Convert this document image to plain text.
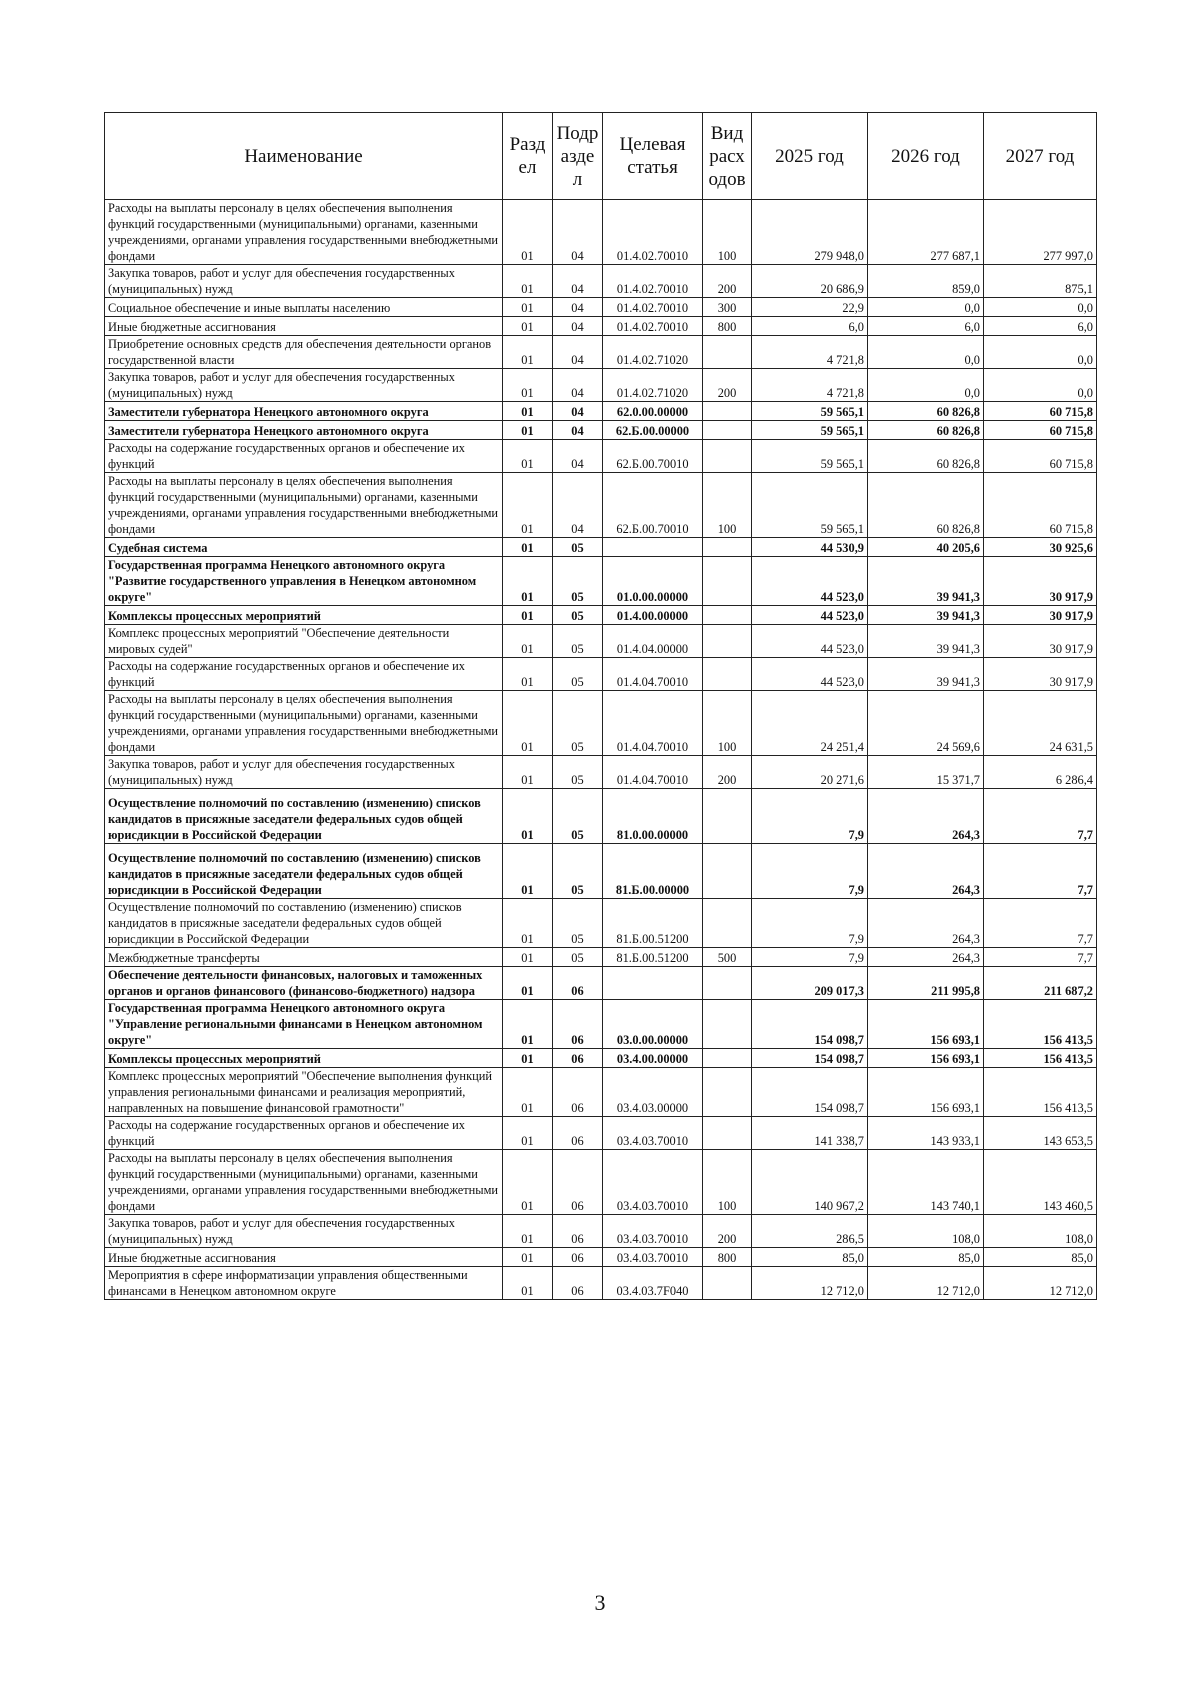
Наименование	Разд ел	Подр азде л	Целевая статья	Вид расх одов	2025 год	2026 год	2027 год
Расходы на выплаты персоналу в целях обеспечения выполнения функций государственными (муниципальными) органами, казенными учреждениями, органами управления государственными внебюджетными фондами	01	04	01.4.02.70010	100	279 948,0	277 687,1	277 997,0
Закупка товаров, работ и услуг для обеспечения государственных (муниципальных) нужд	01	04	01.4.02.70010	200	20 686,9	859,0	875,1
Социальное обеспечение и иные выплаты населению	01	04	01.4.02.70010	300	22,9	0,0	0,0
Иные бюджетные ассигнования	01	04	01.4.02.70010	800	6,0	6,0	6,0
Приобретение основных средств для обеспечения деятельности органов государственной власти	01	04	01.4.02.71020		4 721,8	0,0	0,0
Закупка товаров, работ и услуг для обеспечения государственных (муниципальных) нужд	01	04	01.4.02.71020	200	4 721,8	0,0	0,0
Заместители губернатора Ненецкого автономного округа	01	04	62.0.00.00000		59 565,1	60 826,8	60 715,8
Заместители губернатора Ненецкого автономного округа	01	04	62.Б.00.00000		59 565,1	60 826,8	60 715,8
Расходы на содержание государственных органов и обеспечение их функций	01	04	62.Б.00.70010		59 565,1	60 826,8	60 715,8
Расходы на выплаты персоналу в целях обеспечения выполнения функций государственными (муниципальными) органами, казенными учреждениями, органами управления государственными внебюджетными фондами	01	04	62.Б.00.70010	100	59 565,1	60 826,8	60 715,8
Судебная система	01	05			44 530,9	40 205,6	30 925,6
Государственная программа Ненецкого автономного округа "Развитие государственного управления в Ненецком автономном округе"	01	05	01.0.00.00000		44 523,0	39 941,3	30 917,9
Комплексы процессных мероприятий	01	05	01.4.00.00000		44 523,0	39 941,3	30 917,9
Комплекс процессных мероприятий "Обеспечение деятельности мировых судей"	01	05	01.4.04.00000		44 523,0	39 941,3	30 917,9
Расходы на содержание государственных органов и обеспечение их функций	01	05	01.4.04.70010		44 523,0	39 941,3	30 917,9
Расходы на выплаты персоналу в целях обеспечения выполнения функций государственными (муниципальными) органами, казенными учреждениями, органами управления государственными внебюджетными фондами	01	05	01.4.04.70010	100	24 251,4	24 569,6	24 631,5
Закупка товаров, работ и услуг для обеспечения государственных (муниципальных) нужд	01	05	01.4.04.70010	200	20 271,6	15 371,7	6 286,4
Осуществление полномочий по составлению (изменению) списков кандидатов в присяжные заседатели федеральных судов общей юрисдикции в Российской Федерации	01	05	81.0.00.00000		7,9	264,3	7,7
Осуществление полномочий по составлению (изменению) списков кандидатов в присяжные заседатели федеральных судов общей юрисдикции в Российской Федерации	01	05	81.Б.00.00000		7,9	264,3	7,7
Осуществление полномочий по составлению (изменению) списков кандидатов в присяжные заседатели федеральных судов общей юрисдикции в Российской Федерации	01	05	81.Б.00.51200		7,9	264,3	7,7
Межбюджетные трансферты	01	05	81.Б.00.51200	500	7,9	264,3	7,7
Обеспечение деятельности финансовых, налоговых и таможенных органов и органов финансового (финансово-бюджетного) надзора	01	06			209 017,3	211 995,8	211 687,2
Государственная программа Ненецкого автономного округа "Управление региональными финансами в Ненецком автономном округе"	01	06	03.0.00.00000		154 098,7	156 693,1	156 413,5
Комплексы процессных мероприятий	01	06	03.4.00.00000		154 098,7	156 693,1	156 413,5
Комплекс процессных мероприятий "Обеспечение выполнения функций управления региональными финансами и реализация мероприятий, направленных на повышение финансовой грамотности"	01	06	03.4.03.00000		154 098,7	156 693,1	156 413,5
Расходы на содержание государственных органов и обеспечение их функций	01	06	03.4.03.70010		141 338,7	143 933,1	143 653,5
Расходы на выплаты персоналу в целях обеспечения выполнения функций государственными (муниципальными) органами, казенными учреждениями, органами управления государственными внебюджетными фондами	01	06	03.4.03.70010	100	140 967,2	143 740,1	143 460,5
Закупка товаров, работ и услуг для обеспечения государственных (муниципальных) нужд	01	06	03.4.03.70010	200	286,5	108,0	108,0
Иные бюджетные ассигнования	01	06	03.4.03.70010	800	85,0	85,0	85,0
Мероприятия в сфере информатизации управления общественными финансами в Ненецком автономном округе	01	06	03.4.03.7F040		12 712,0	12 712,0	12 712,0
3
